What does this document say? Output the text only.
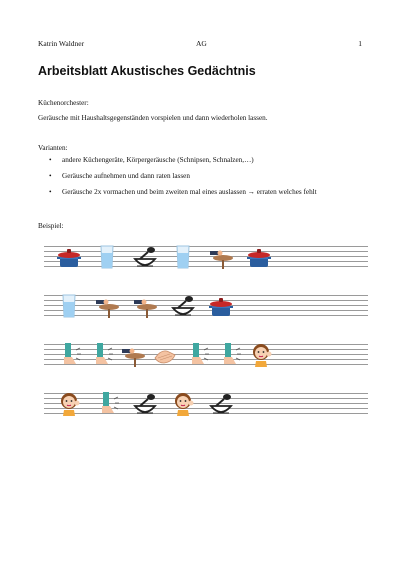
Katrin Waldner	AG	1
Arbeitsblatt Akustisches Gedächtnis
Küchenorchester:
Geräusche mit Haushaltsgegenständen vorspielen und dann wiederholen lassen.
Varianten:
• andere Küchengeräte, Körpergeräusche (Schnipsen, Schnalzen,…)
• Geräusche aufnehmen und dann raten lassen
• Geräusche 2x vormachen und beim zweiten mal eines auslassen → erraten welches fehlt
Beispiel:
